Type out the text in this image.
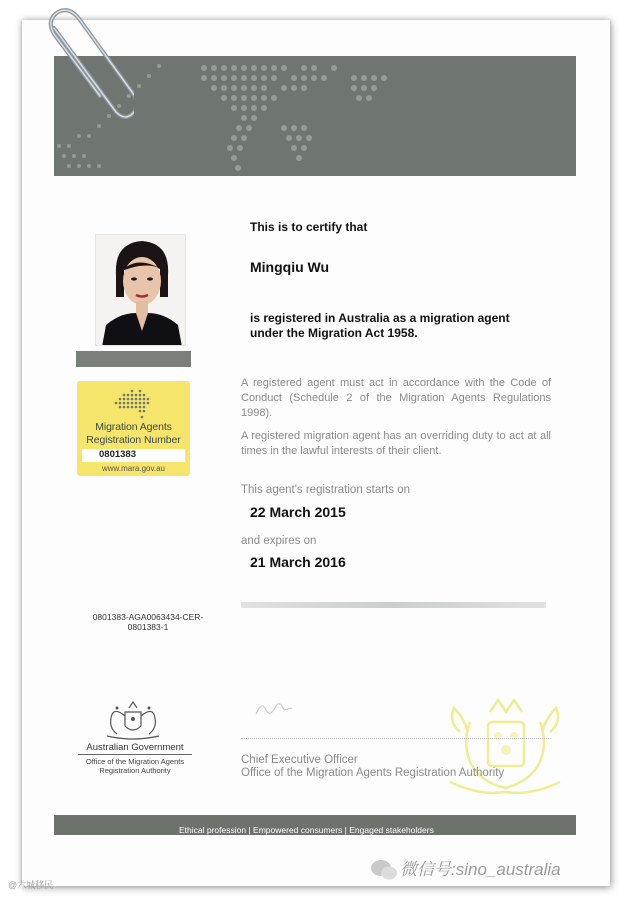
Migration Agents
Registration Number
0801383
www.mara.gov.au
0801383-AGA0063434-CER-
0801383-1
This is to certify that
Mingqiu Wu
is registered in Australia as a migration agent
under the Migration Act 1958.

A registered agent must act in accordance with the Code of Conduct (Schedule 2 of the Migration Agents Regulations 1998).

A registered migration agent has an overriding duty to act at all times in the lawful interests of their client.

This agent's registration starts on
22 March 2015
and expires on
21 March 2016
Chief Executive Officer
Office of the Migration Agents Registration Authority
Australian Government
Office of the Migration Agents
Registration Authority
Ethical profession | Empowered consumers | Engaged stakeholders
微信号:sino_australia
@六城移民
